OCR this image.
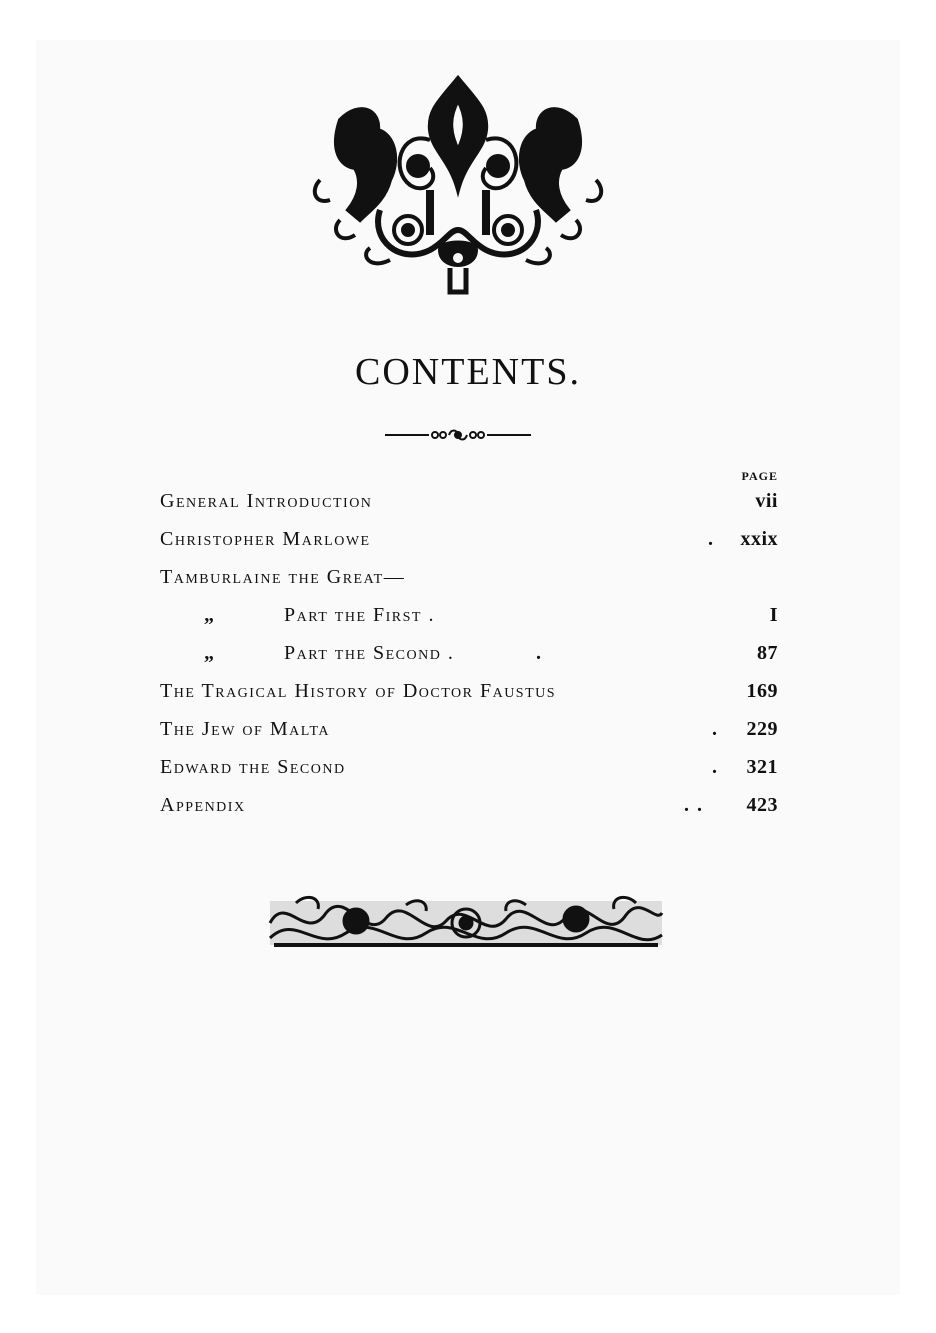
CONTENTS.
PAGE
General Introduction	vii
Christopher Marlowe	. xxix
Tamburlaine the Great—
„	Part the First .	I
„	Part the Second .	.	87
The Tragical History of Doctor Faustus	169
The Jew of Malta	. 229
Edward the Second	. 321
Appendix	. . 423
